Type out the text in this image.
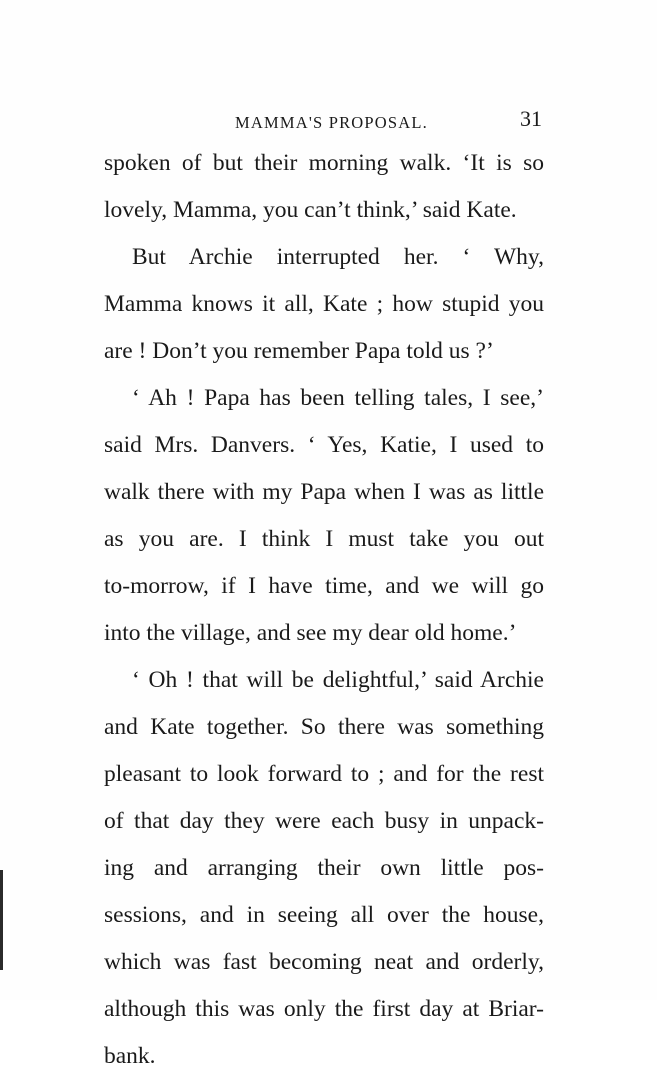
MAMMA'S PROPOSAL.	31
spoken of but their morning walk. ‘It is so
lovely, Mamma, you can’t think,’ said Kate.
But Archie interrupted her. ‘ Why,
Mamma knows it all, Kate ; how stupid you
are ! Don’t you remember Papa told us ?’
‘ Ah ! Papa has been telling tales, I see,’
said Mrs. Danvers. ‘ Yes, Katie, I used to
walk there with my Papa when I was as little
as you are. I think I must take you out
to-morrow, if I have time, and we will go
into the village, and see my dear old home.’
‘ Oh ! that will be delightful,’ said Archie
and Kate together. So there was something
pleasant to look forward to ; and for the rest
of that day they were each busy in unpack-
ing and arranging their own little pos-
sessions, and in seeing all over the house,
which was fast becoming neat and orderly,
although this was only the first day at Briar-
bank.
